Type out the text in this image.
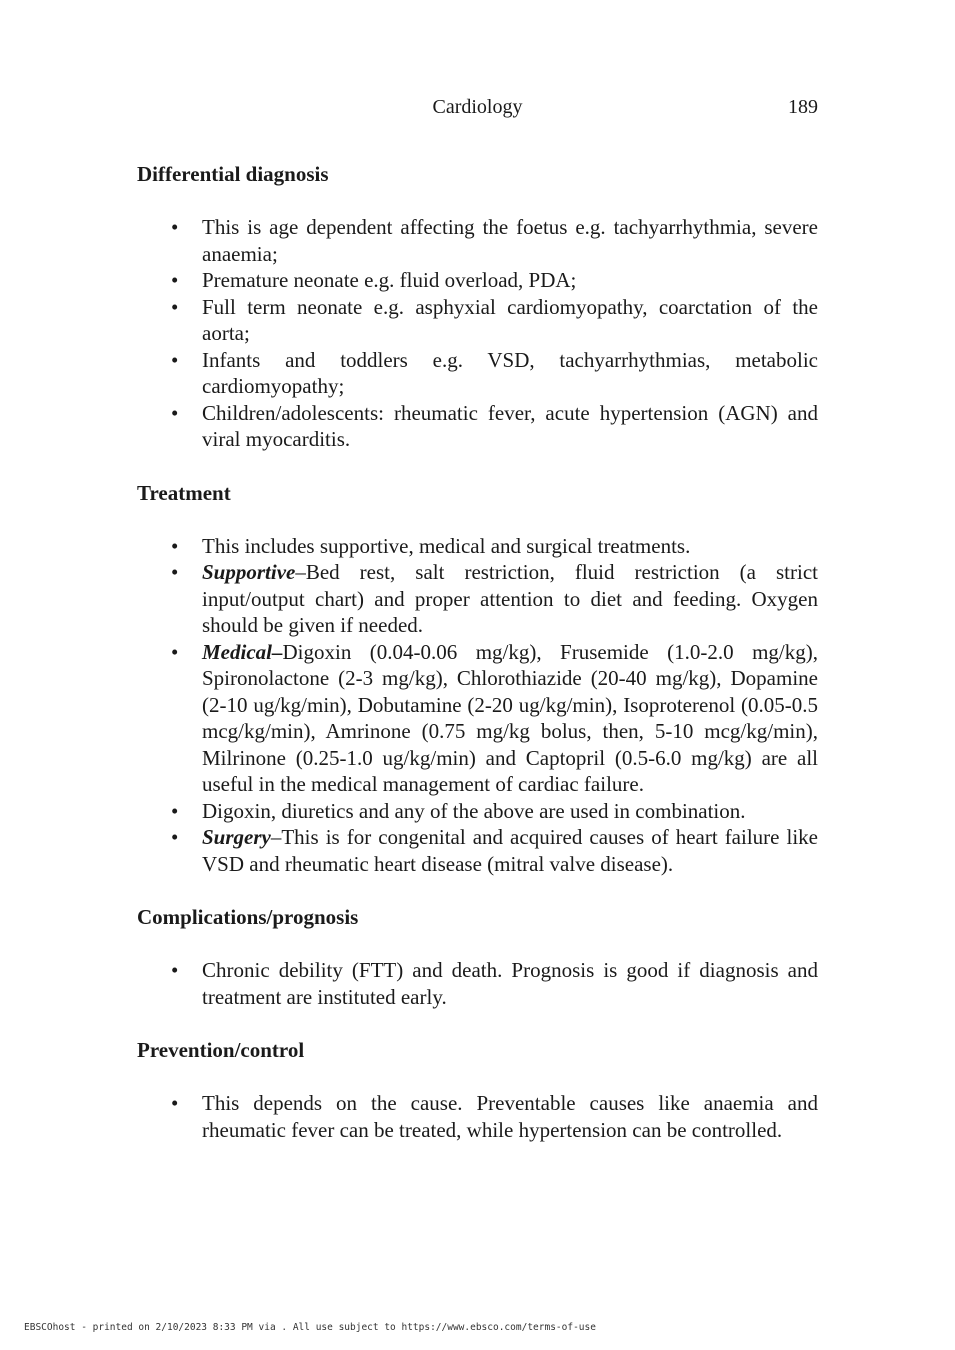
Cardiology	189
Differential diagnosis
• This is age dependent affecting the foetus e.g. tachyarrhythmia, severe anaemia;
• Premature neonate e.g. fluid overload, PDA;
• Full term neonate e.g. asphyxial cardiomyopathy, coarctation of the aorta;
• Infants and toddlers e.g. VSD, tachyarrhythmias, metabolic cardiomyopathy;
• Children/adolescents: rheumatic fever, acute hypertension (AGN) and viral myocarditis.
Treatment
• This includes supportive, medical and surgical treatments.
• Supportive–Bed rest, salt restriction, fluid restriction (a strict input/output chart) and proper attention to diet and feeding. Oxygen should be given if needed.
• Medical–Digoxin (0.04-0.06 mg/kg), Frusemide (1.0-2.0 mg/kg), Spironolactone (2-3 mg/kg), Chlorothiazide (20-40 mg/kg), Dopamine (2-10 ug/kg/min), Dobutamine (2-20 ug/kg/min), Isoproterenol (0.05-0.5 mcg/kg/min), Amrinone (0.75 mg/kg bolus, then, 5-10 mcg/kg/min), Milrinone (0.25-1.0 ug/kg/min) and Captopril (0.5-6.0 mg/kg) are all useful in the medical management of cardiac failure.
• Digoxin, diuretics and any of the above are used in combination.
• Surgery–This is for congenital and acquired causes of heart failure like VSD and rheumatic heart disease (mitral valve disease).
Complications/prognosis
• Chronic debility (FTT) and death. Prognosis is good if diagnosis and treatment are instituted early.
Prevention/control
• This depends on the cause. Preventable causes like anaemia and rheumatic fever can be treated, while hypertension can be controlled.
EBSCOhost - printed on 2/10/2023 8:33 PM via . All use subject to https://www.ebsco.com/terms-of-use
